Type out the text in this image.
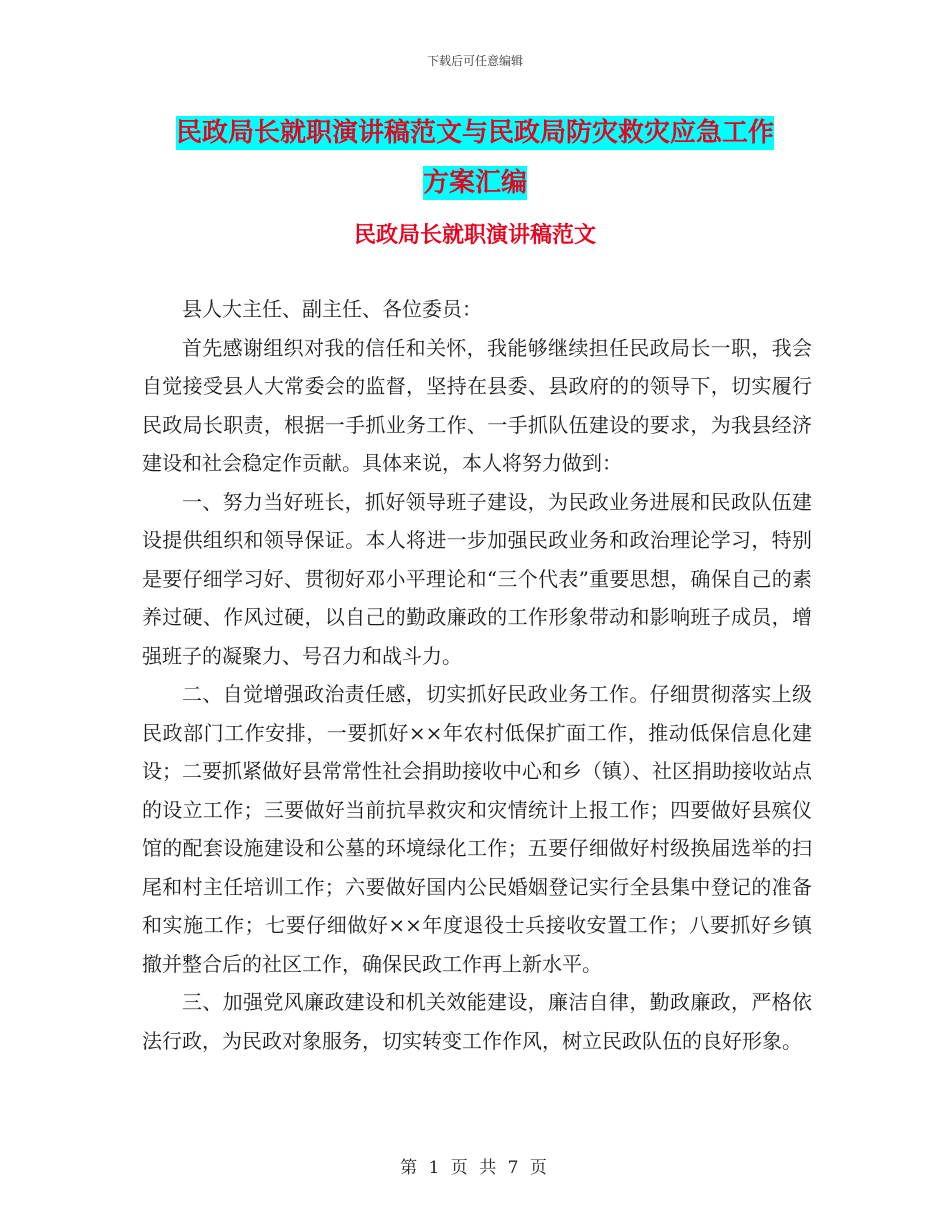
下载后可任意编辑
民政局长就职演讲稿范文与民政局防灾救灾应急工作
方案汇编
民政局长就职演讲稿范文

县人大主任、副主任、各位委员：

首先感谢组织对我的信任和关怀，我能够继续担任民政局长一职，我会自觉接受县人大常委会的监督，坚持在县委、县政府的的领导下，切实履行民政局长职责，根据一手抓业务工作、一手抓队伍建设的要求，为我县经济建设和社会稳定作贡献。具体来说，本人将努力做到：

一、努力当好班长，抓好领导班子建设，为民政业务进展和民政队伍建设提供组织和领导保证。本人将进一步加强民政业务和政治理论学习，特别是要仔细学习好、贯彻好邓小平理论和“三个代表”重要思想，确保自己的素养过硬、作风过硬，以自己的勤政廉政的工作形象带动和影响班子成员，增强班子的凝聚力、号召力和战斗力。

二、自觉增强政治责任感，切实抓好民政业务工作。仔细贯彻落实上级民政部门工作安排，一要抓好××年农村低保扩面工作，推动低保信息化建设；二要抓紧做好县常常性社会捐助接收中心和乡（镇）、社区捐助接收站点的设立工作；三要做好当前抗旱救灾和灾情统计上报工作；四要做好县殡仪馆的配套设施建设和公墓的环境绿化工作；五要仔细做好村级换届选举的扫尾和村主任培训工作；六要做好国内公民婚姻登记实行全县集中登记的准备和实施工作；七要仔细做好××年度退役士兵接收安置工作；八要抓好乡镇撤并整合后的社区工作，确保民政工作再上新水平。

三、加强党风廉政建设和机关效能建设，廉洁自律，勤政廉政，严格依法行政，为民政对象服务，切实转变工作作风，树立民政队伍的良好形象。

第 1 页 共 7 页
